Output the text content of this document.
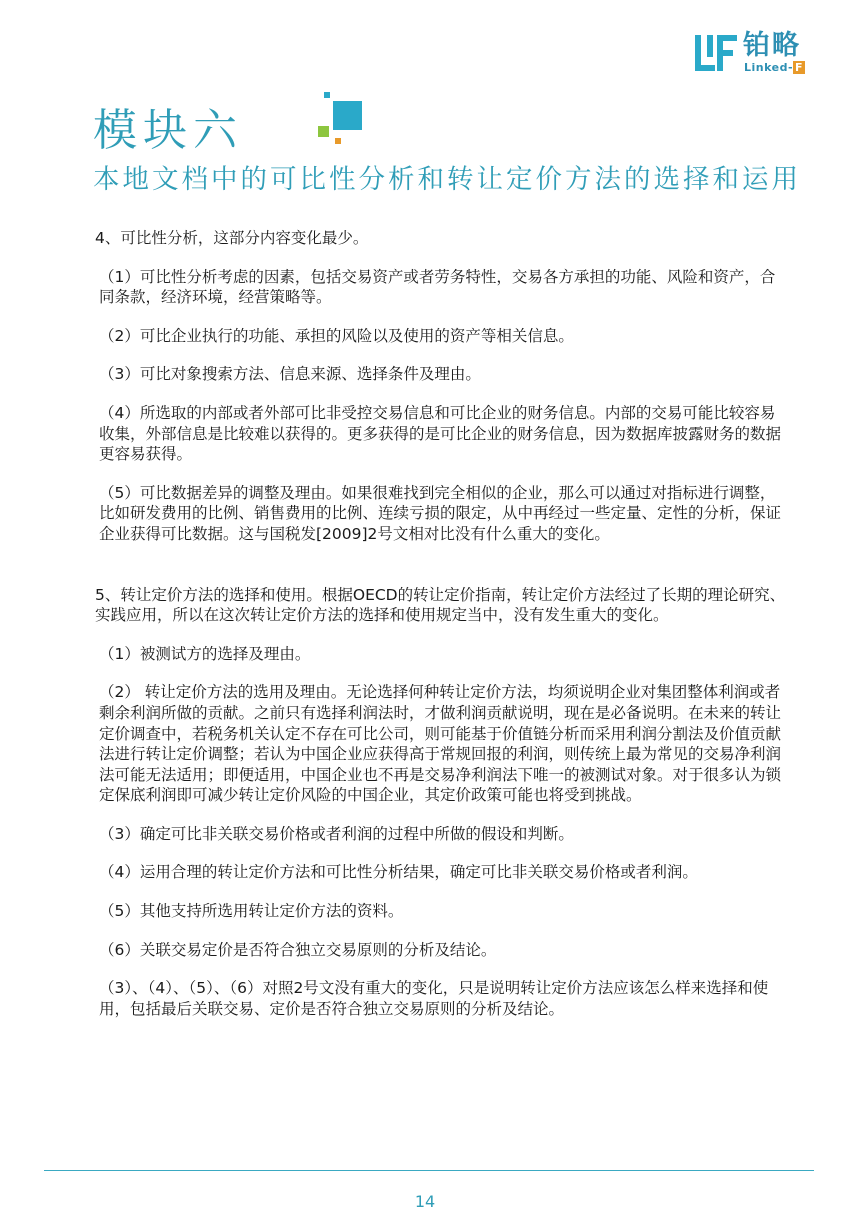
铂略
Linked- F
模块六
本地文档中的可比性分析和转让定价方法的选择和运用

4、可比性分析，这部分内容变化最少。

（1）可比性分析考虑的因素，包括交易资产或者劳务特性，交易各方承担的功能、风险和资产，合同条款，经济环境，经营策略等。

（2）可比企业执行的功能、承担的风险以及使用的资产等相关信息。

（3）可比对象搜索方法、信息来源、选择条件及理由。

（4）所选取的内部或者外部可比非受控交易信息和可比企业的财务信息。内部的交易可能比较容易收集，外部信息是比较难以获得的。更多获得的是可比企业的财务信息，因为数据库披露财务的数据更容易获得。

（5）可比数据差异的调整及理由。如果很难找到完全相似的企业，那么可以通过对指标进行调整，比如研发费用的比例、销售费用的比例、连续亏损的限定，从中再经过一些定量、定性的分析，保证企业获得可比数据。这与国税发[2009]2号文相对比没有什么重大的变化。

5、转让定价方法的选择和使用。根据OECD的转让定价指南，转让定价方法经过了长期的理论研究、实践应用，所以在这次转让定价方法的选择和使用规定当中，没有发生重大的变化。

（1）被测试方的选择及理由。

（2） 转让定价方法的选用及理由。无论选择何种转让定价方法，均须说明企业对集团整体利润或者剩余利润所做的贡献。之前只有选择利润法时，才做利润贡献说明，现在是必备说明。在未来的转让定价调查中，若税务机关认定不存在可比公司，则可能基于价值链分析而采用利润分割法及价值贡献法进行转让定价调整；若认为中国企业应获得高于常规回报的利润，则传统上最为常见的交易净利润法可能无法适用；即便适用，中国企业也不再是交易净利润法下唯一的被测试对象。对于很多认为锁定保底利润即可减少转让定价风险的中国企业，其定价政策可能也将受到挑战。

（3）确定可比非关联交易价格或者利润的过程中所做的假设和判断。

（4）运用合理的转让定价方法和可比性分析结果，确定可比非关联交易价格或者利润。

（5）其他支持所选用转让定价方法的资料。

（6）关联交易定价是否符合独立交易原则的分析及结论。

（3）、（4）、（5）、（6）对照2号文没有重大的变化，只是说明转让定价方法应该怎么样来选择和使用，包括最后关联交易、定价是否符合独立交易原则的分析及结论。

14
